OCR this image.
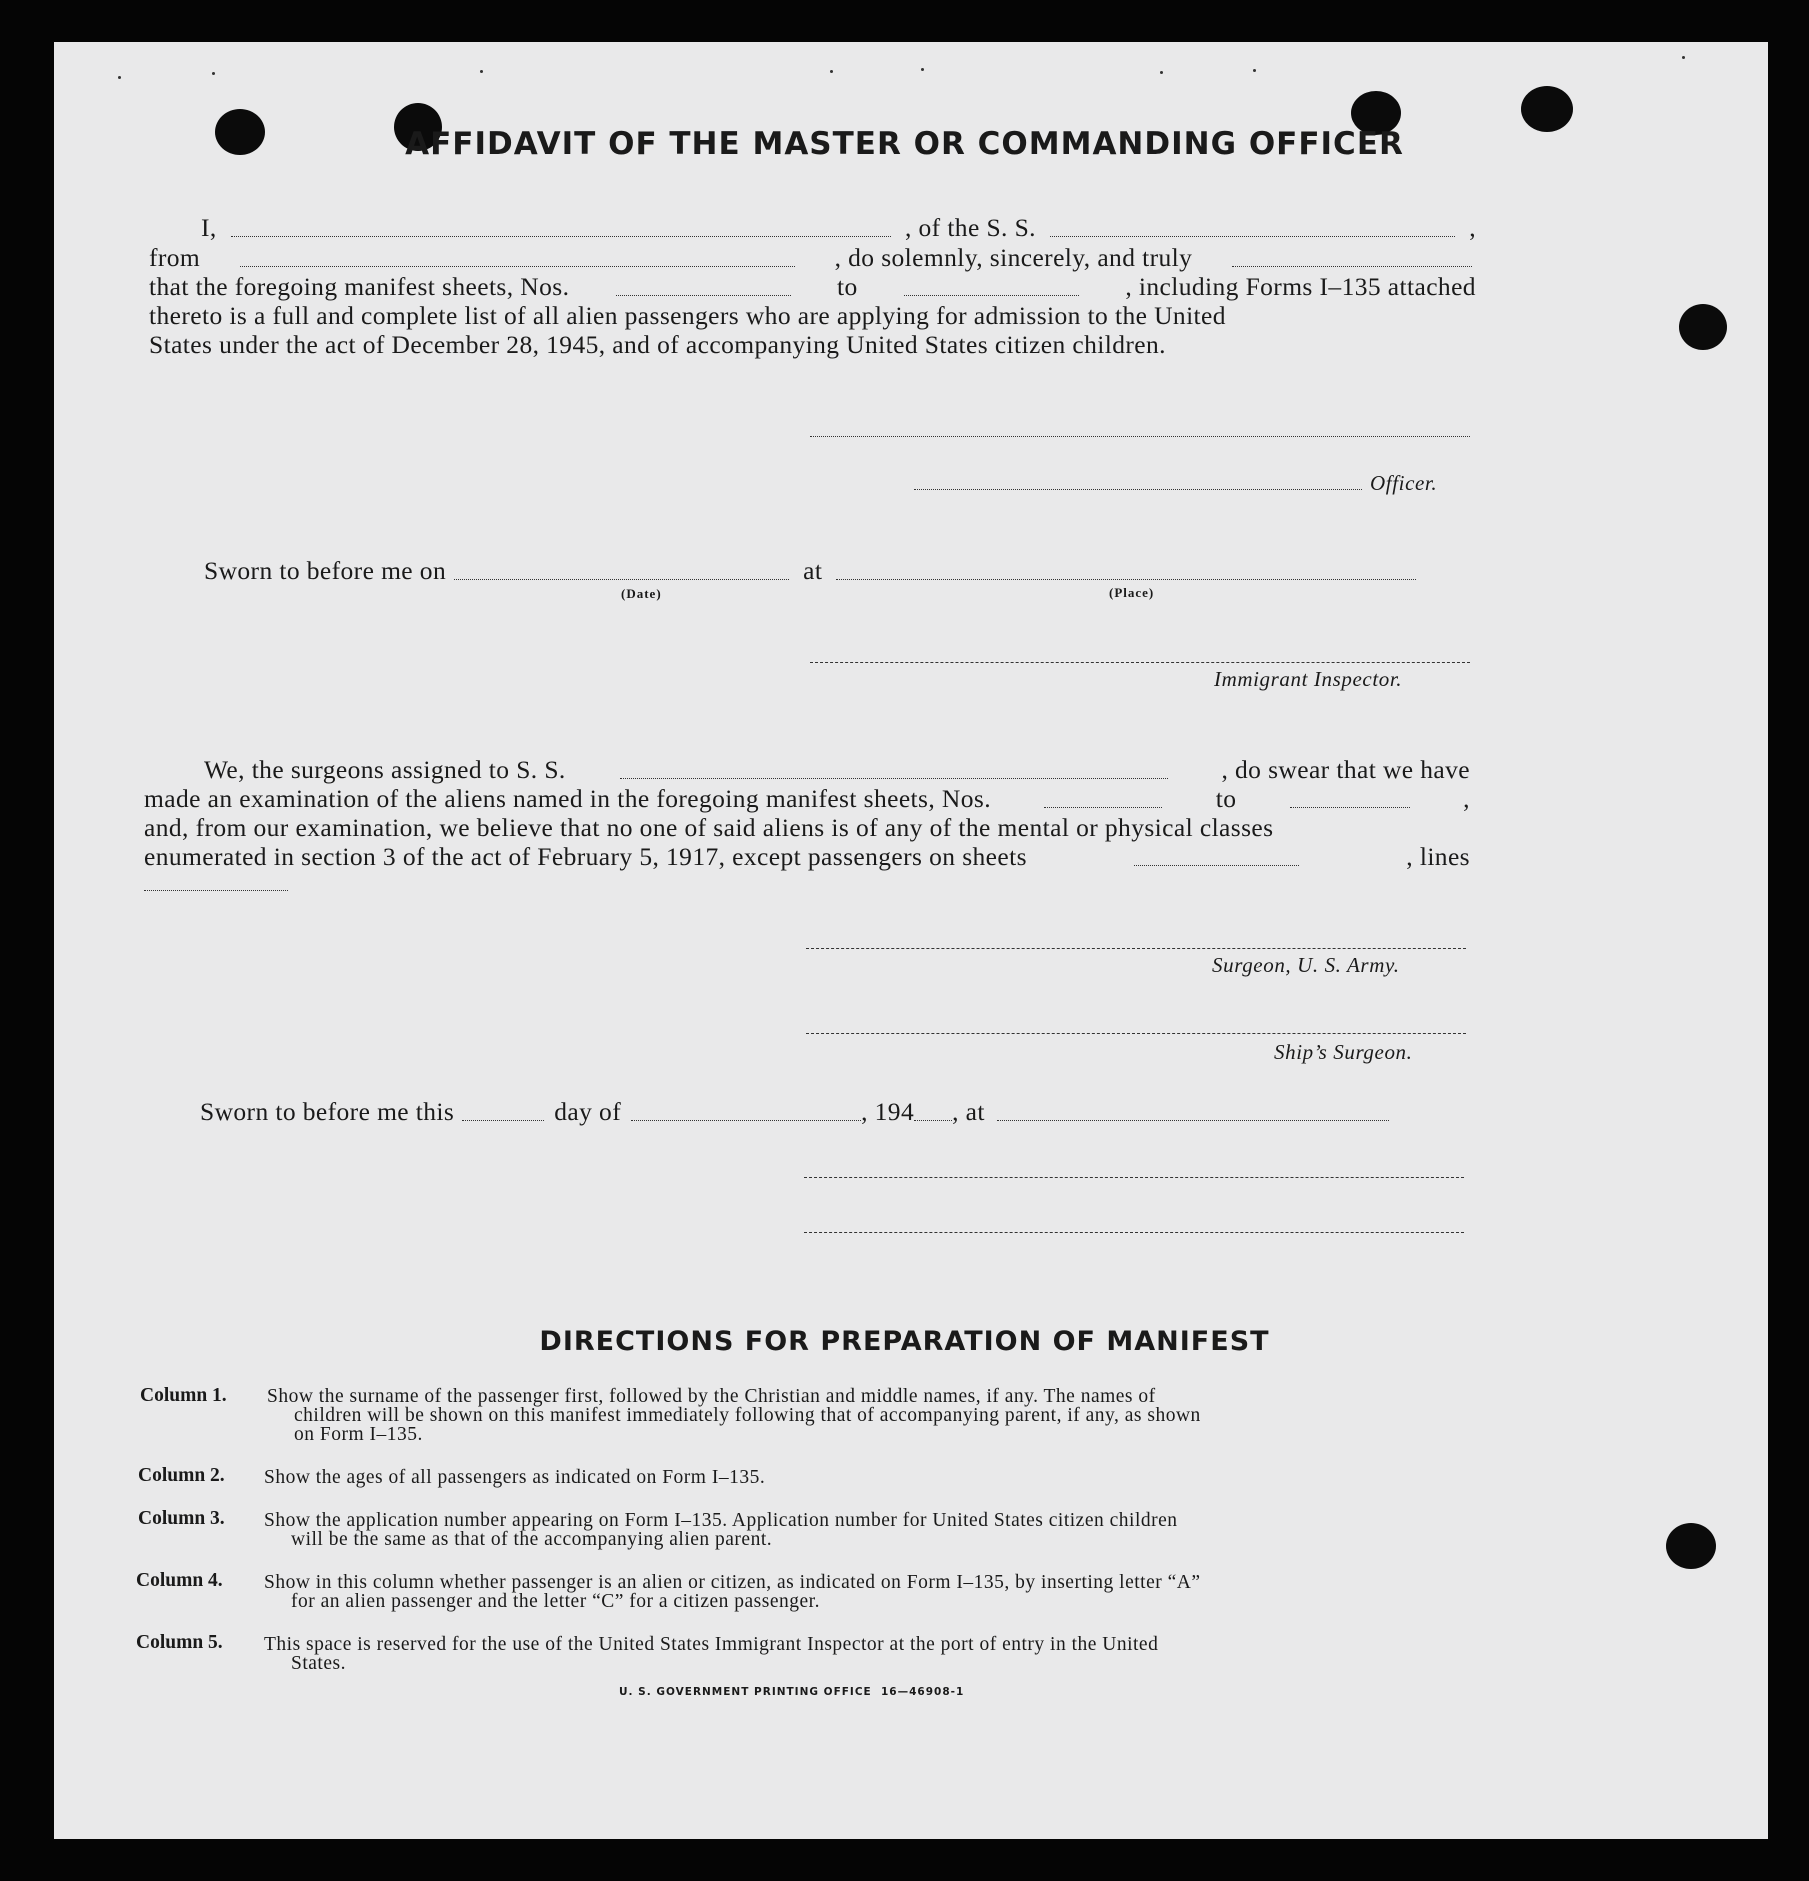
AFFIDAVIT OF THE MASTER OR COMMANDING OFFICER
I,	, of the S. S.	,
from	, do solemnly, sincerely, and truly
that the foregoing manifest sheets, Nos.	to	, including Forms I–135 attached
thereto is a full and complete list of all alien passengers who are applying for admission to the United
States under the act of December 28, 1945, and of accompanying United States citizen children.
Officer.
Sworn to before me on	at
(Date)	(Place)
Immigrant Inspector.
We, the surgeons assigned to S. S.	, do swear that we have
made an examination of the aliens named in the foregoing manifest sheets, Nos.	to	,
and, from our examination, we believe that no one of said aliens is of any of the mental or physical classes
enumerated in section 3 of the act of February 5, 1917, except passengers on sheets	, lines
Surgeon, U. S. Army.
Ship’s Surgeon.
Sworn to before me this	day of	, 194 , at
DIRECTIONS FOR PREPARATION OF MANIFEST
Column 1. Show the surname of the passenger first, followed by the Christian and middle names, if any. The names of
children will be shown on this manifest immediately following that of accompanying parent, if any, as shown
on Form I–135.
Column 2. Show the ages of all passengers as indicated on Form I–135.
Column 3. Show the application number appearing on Form I–135. Application number for United States citizen children
will be the same as that of the accompanying alien parent.
Column 4. Show in this column whether passenger is an alien or citizen, as indicated on Form I–135, by inserting letter “A”
for an alien passenger and the letter “C” for a citizen passenger.
Column 5. This space is reserved for the use of the United States Immigrant Inspector at the port of entry in the United
States.
U. S. GOVERNMENT PRINTING OFFICE 16—46908-1
